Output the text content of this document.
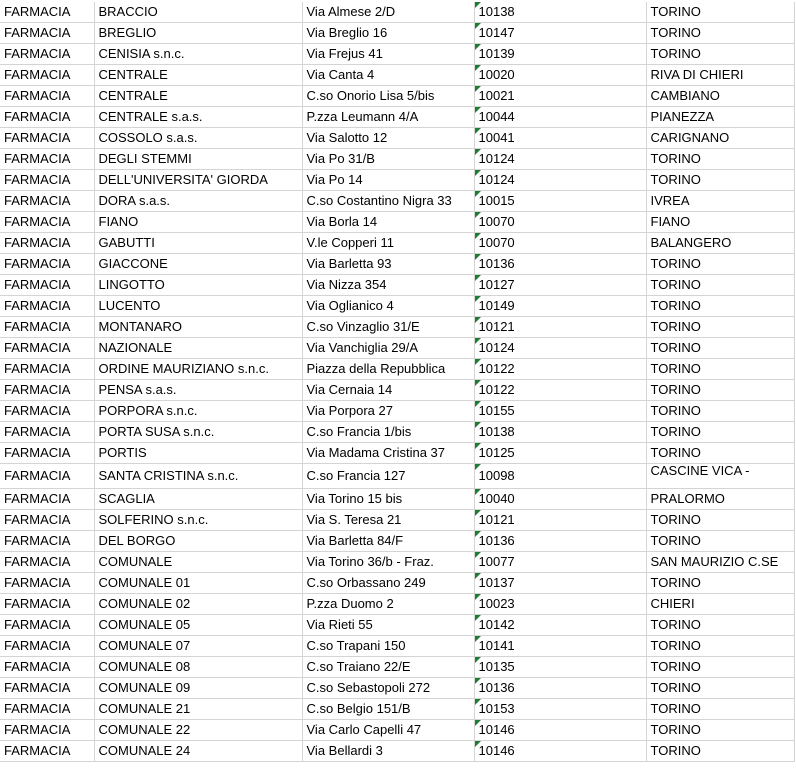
FARMACIA	BRACCIO	Via Almese 2/D	10138	TORINO
FARMACIA	BREGLIO	Via Breglio 16	10147	TORINO
FARMACIA	CENISIA s.n.c.	Via Frejus 41	10139	TORINO
FARMACIA	CENTRALE	Via Canta 4	10020	RIVA DI CHIERI
FARMACIA	CENTRALE	C.so Onorio Lisa 5/bis	10021	CAMBIANO
FARMACIA	CENTRALE s.a.s.	P.zza Leumann 4/A	10044	PIANEZZA
FARMACIA	COSSOLO s.a.s.	Via Salotto 12	10041	CARIGNANO
FARMACIA	DEGLI STEMMI	Via Po 31/B	10124	TORINO
FARMACIA	DELL'UNIVERSITA' GIORDA	Via Po 14	10124	TORINO
FARMACIA	DORA s.a.s.	C.so Costantino Nigra 33	10015	IVREA
FARMACIA	FIANO	Via Borla 14	10070	FIANO
FARMACIA	GABUTTI	V.le Copperi 11	10070	BALANGERO
FARMACIA	GIACCONE	Via Barletta 93	10136	TORINO
FARMACIA	LINGOTTO	Via Nizza 354	10127	TORINO
FARMACIA	LUCENTO	Via Oglianico 4	10149	TORINO
FARMACIA	MONTANARO	C.so Vinzaglio 31/E	10121	TORINO
FARMACIA	NAZIONALE	Via Vanchiglia 29/A	10124	TORINO
FARMACIA	ORDINE MAURIZIANO s.n.c.	Piazza della Repubblica	10122	TORINO
FARMACIA	PENSA s.a.s.	Via Cernaia 14	10122	TORINO
FARMACIA	PORPORA s.n.c.	Via Porpora 27	10155	TORINO
FARMACIA	PORTA SUSA s.n.c.	C.so Francia 1/bis	10138	TORINO
FARMACIA	PORTIS	Via Madama Cristina 37	10125	TORINO
FARMACIA	SANTA CRISTINA s.n.c.	C.so Francia 127	10098	CASCINE VICA -

FARMACIA	SCAGLIA	Via Torino 15 bis	10040	PRALORMO
FARMACIA	SOLFERINO s.n.c.	Via S. Teresa 21	10121	TORINO
FARMACIA	DEL BORGO	Via Barletta 84/F	10136	TORINO
FARMACIA	COMUNALE	Via Torino 36/b - Fraz.	10077	SAN MAURIZIO C.SE
FARMACIA	COMUNALE 01	C.so Orbassano 249	10137	TORINO
FARMACIA	COMUNALE 02	P.zza Duomo 2	10023	CHIERI
FARMACIA	COMUNALE 05	Via Rieti 55	10142	TORINO
FARMACIA	COMUNALE 07	C.so Trapani 150	10141	TORINO
FARMACIA	COMUNALE 08	C.so Traiano 22/E	10135	TORINO
FARMACIA	COMUNALE 09	C.so Sebastopoli 272	10136	TORINO
FARMACIA	COMUNALE 21	C.so Belgio 151/B	10153	TORINO
FARMACIA	COMUNALE 22	Via Carlo Capelli 47	10146	TORINO
FARMACIA	COMUNALE 24	Via Bellardi 3	10146	TORINO
